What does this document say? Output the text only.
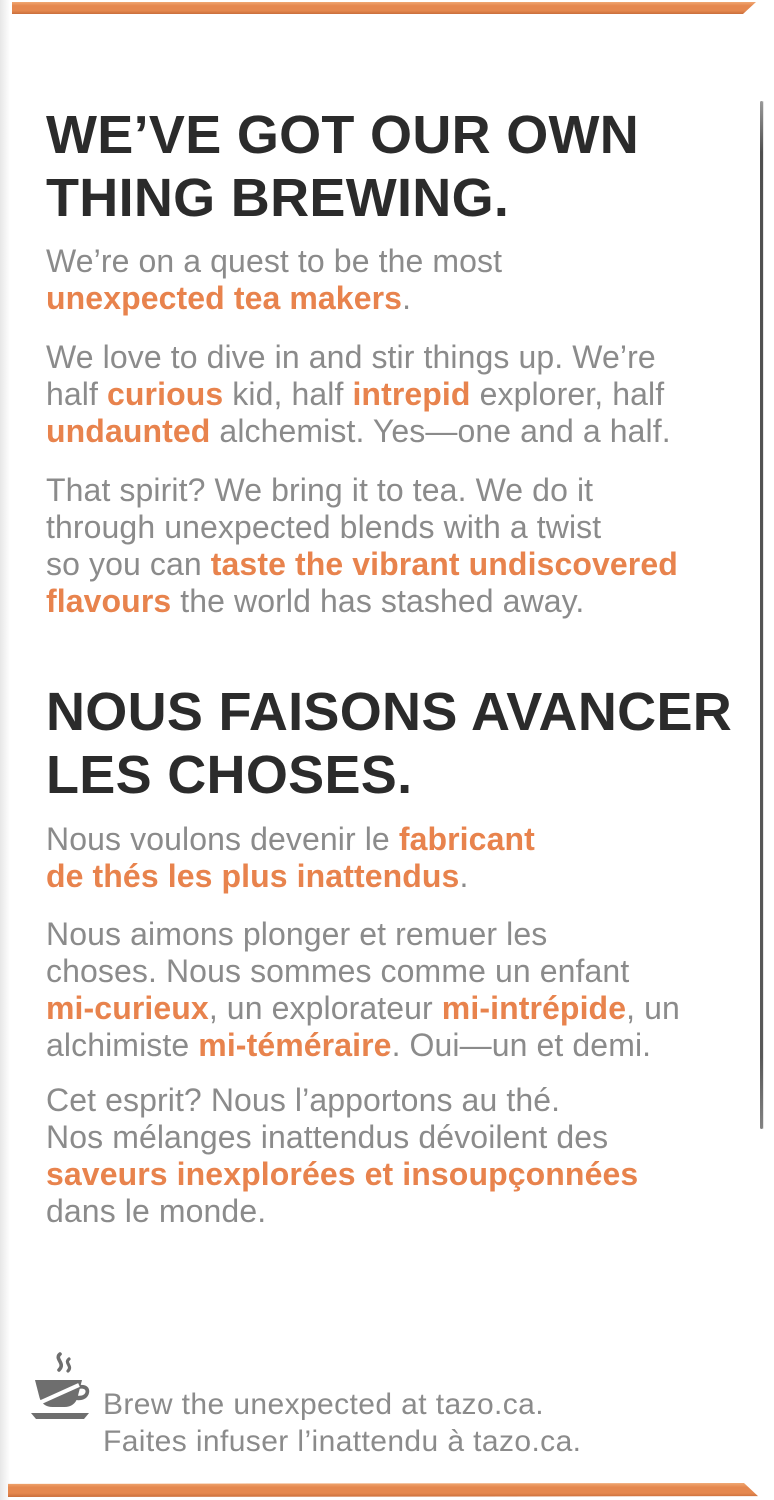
WE’VE GOT OUR OWN
THING BREWING.

We’re on a quest to be the most
unexpected tea makers.

We love to dive in and stir things up. We’re
half curious kid, half intrepid explorer, half
undaunted alchemist. Yes—one and a half.

That spirit? We bring it to tea. We do it
through unexpected blends with a twist
so you can taste the vibrant undiscovered
flavours the world has stashed away.

NOUS FAISONS AVANCER
LES CHOSES.

Nous voulons devenir le fabricant
de thés les plus inattendus.

Nous aimons plonger et remuer les
choses. Nous sommes comme un enfant
mi-curieux, un explorateur mi-intrépide, un
alchimiste mi-téméraire. Oui—un et demi.

Cet esprit? Nous l’apportons au thé.
Nos mélanges inattendus dévoilent des
saveurs inexplorées et insoupçonnées
dans le monde.

Brew the unexpected at tazo.ca.
Faites infuser l’inattendu à tazo.ca.
